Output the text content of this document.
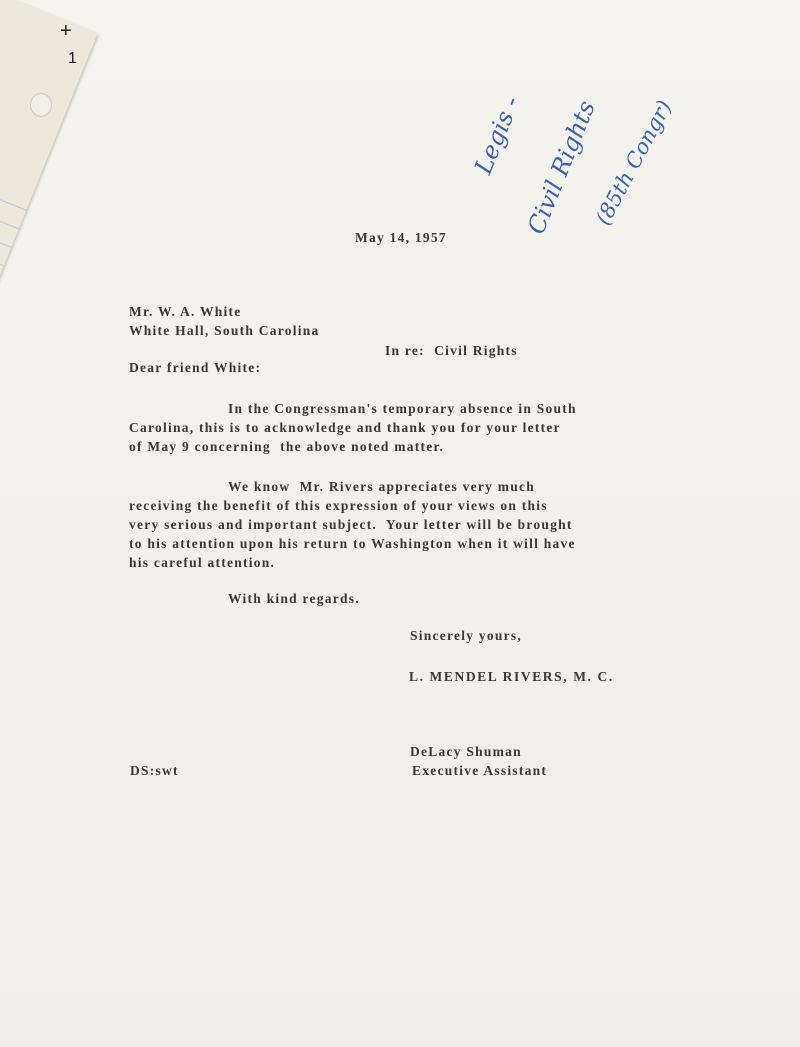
+
1
Legis -
Civil Rights
(85th Congr)
May 14, 1957
Mr. W. A. White
White Hall, South Carolina
In re:  Civil Rights
Dear friend White:
In the Congressman's temporary absence in South
Carolina, this is to acknowledge and thank you for your letter
of May 9 concerning  the above noted matter.
We know  Mr. Rivers appreciates very much
receiving the benefit of this expression of your views on this
very serious and important subject.  Your letter will be brought
to his attention upon his return to Washington when it will have
his careful attention.
With kind regards.
Sincerely yours,
L. MENDEL RIVERS, M. C.
DeLacy Shuman
DS:swt	Executive Assistant
